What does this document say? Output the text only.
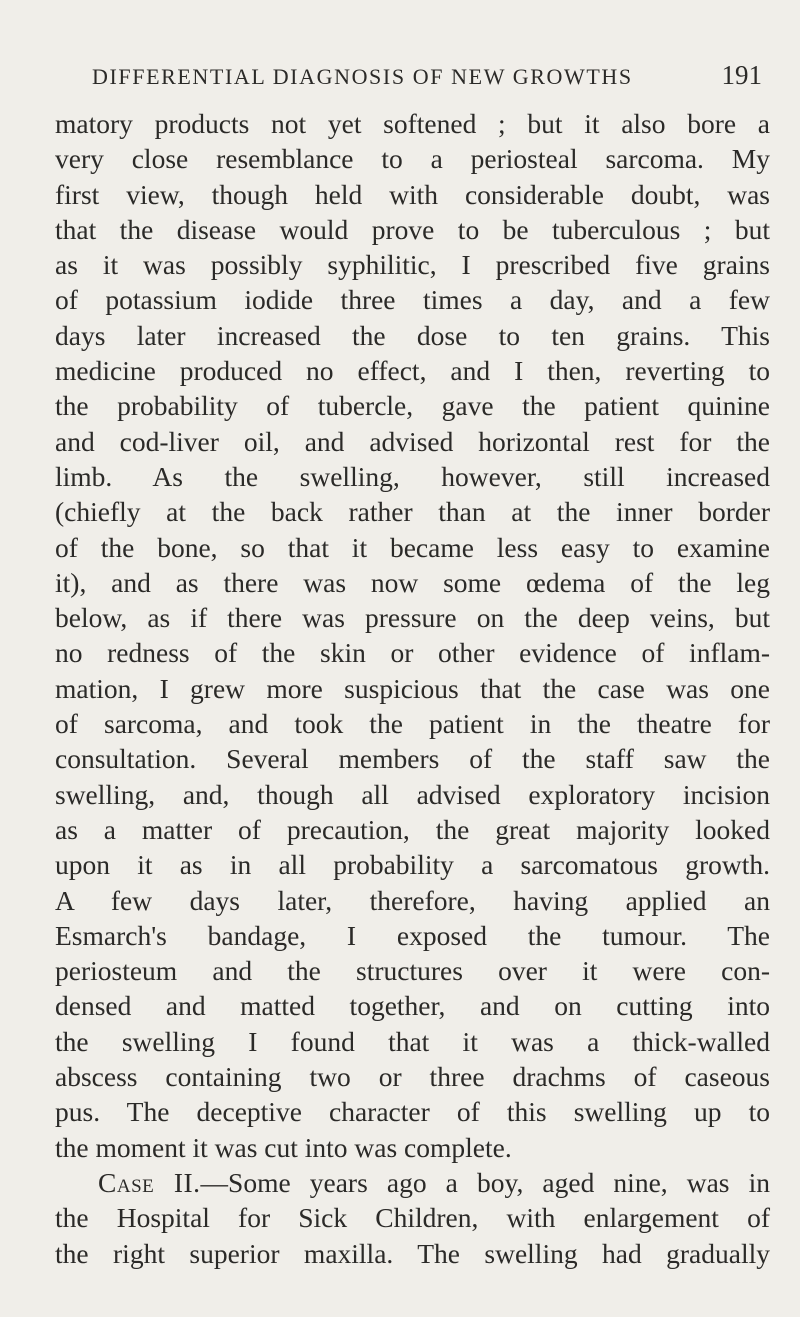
DIFFERENTIAL DIAGNOSIS OF NEW GROWTHS	191
matory products not yet softened ; but it also bore a
very close resemblance to a periosteal sarcoma. My
first view, though held with considerable doubt, was
that the disease would prove to be tuberculous ; but
as it was possibly syphilitic, I prescribed five grains
of potassium iodide three times a day, and a few
days later increased the dose to ten grains. This
medicine produced no effect, and I then, reverting to
the probability of tubercle, gave the patient quinine
and cod-liver oil, and advised horizontal rest for the
limb. As the swelling, however, still increased
(chiefly at the back rather than at the inner border
of the bone, so that it became less easy to examine
it), and as there was now some œdema of the leg
below, as if there was pressure on the deep veins, but
no redness of the skin or other evidence of inflam-
mation, I grew more suspicious that the case was one
of sarcoma, and took the patient in the theatre for
consultation. Several members of the staff saw the
swelling, and, though all advised exploratory incision
as a matter of precaution, the great majority looked
upon it as in all probability a sarcomatous growth.
A few days later, therefore, having applied an
Esmarch's bandage, I exposed the tumour. The
periosteum and the structures over it were con-
densed and matted together, and on cutting into
the swelling I found that it was a thick-walled
abscess containing two or three drachms of caseous
pus. The deceptive character of this swelling up to
the moment it was cut into was complete.
Case II.—Some years ago a boy, aged nine, was in
the Hospital for Sick Children, with enlargement of
the right superior maxilla. The swelling had gradually
